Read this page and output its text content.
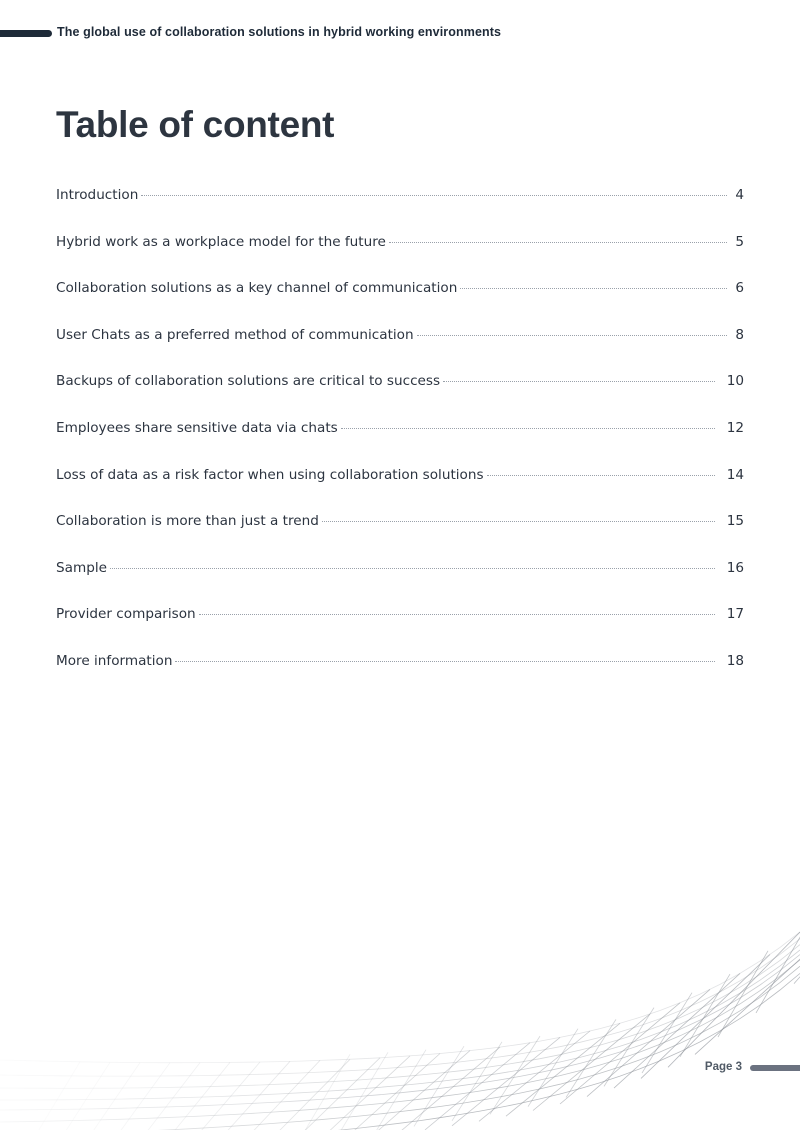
The global use of collaboration solutions in hybrid working environments
Table of content
Introduction	4
Hybrid work as a workplace model for the future	5
Collaboration solutions as a key channel of communication	6
User Chats as a preferred method of communication	8
Backups of collaboration solutions are critical to success	10
Employees share sensitive data via chats	12
Loss of data as a risk factor when using collaboration solutions	14
Collaboration is more than just a trend	15
Sample	16
Provider comparison	17
More information	18
Page 3
